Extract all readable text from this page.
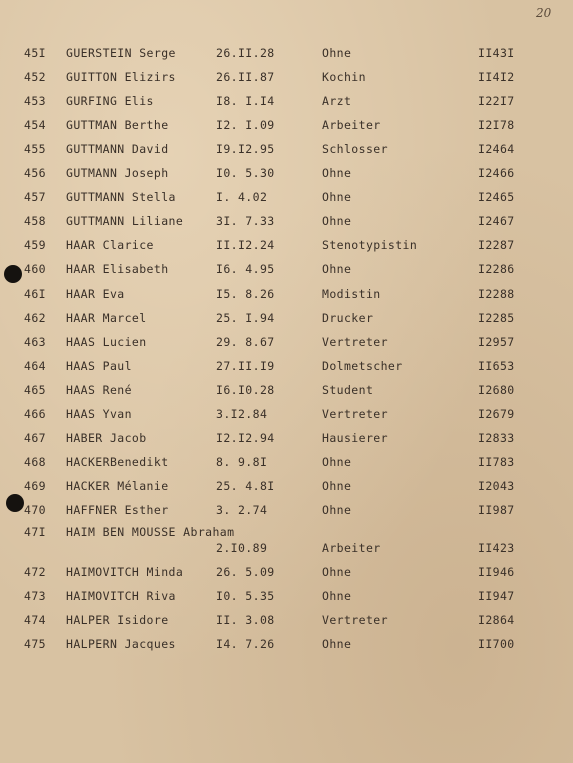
20
45I GUERSTEIN Serge	26.II.28	Ohne	II43I
452 GUITTON Elizirs	26.II.87	Kochin	II4I2
453 GURFING Elis	I8. I.I4	Arzt	I22I7
454 GUTTMAN Berthe	I2. I.09	Arbeiter	I2I78
455 GUTTMANN David	I9.I2.95	Schlosser	I2464
456 GUTMANN Joseph	I0. 5.30	Ohne	I2466
457 GUTTMANN Stella	I. 4.02	Ohne	I2465
458 GUTTMANN Liliane	3I. 7.33	Ohne	I2467
459 HAAR Clarice	II.I2.24	Stenotypistin	I2287
460 HAAR Elisabeth	I6. 4.95	Ohne	I2286
46I HAAR Eva	I5. 8.26	Modistin	I2288
462 HAAR Marcel	25. I.94	Drucker	I2285
463 HAAS Lucien	29. 8.67	Vertreter	I2957
464 HAAS Paul	27.II.I9	Dolmetscher	II653
465 HAAS René	I6.I0.28	Student	I2680
466 HAAS Yvan	3.I2.84	Vertreter	I2679
467 HABER Jacob	I2.I2.94	Hausierer	I2833
468 HACKERBenedikt	8. 9.8I	Ohne	II783
469 HACKER Mélanie	25. 4.8I	Ohne	I2043
470 HAFFNER Esther	3. 2.74	Ohne	II987
47I HAIM BEN MOUSSE Abraham
2.I0.89	Arbeiter	II423
472 HAIMOVITCH Minda	26. 5.09	Ohne	II946
473 HAIMOVITCH Riva	I0. 5.35	Ohne	II947
474 HALPER Isidore	II. 3.08	Vertreter	I2864
475 HALPERN Jacques	I4. 7.26	Ohne	II700
